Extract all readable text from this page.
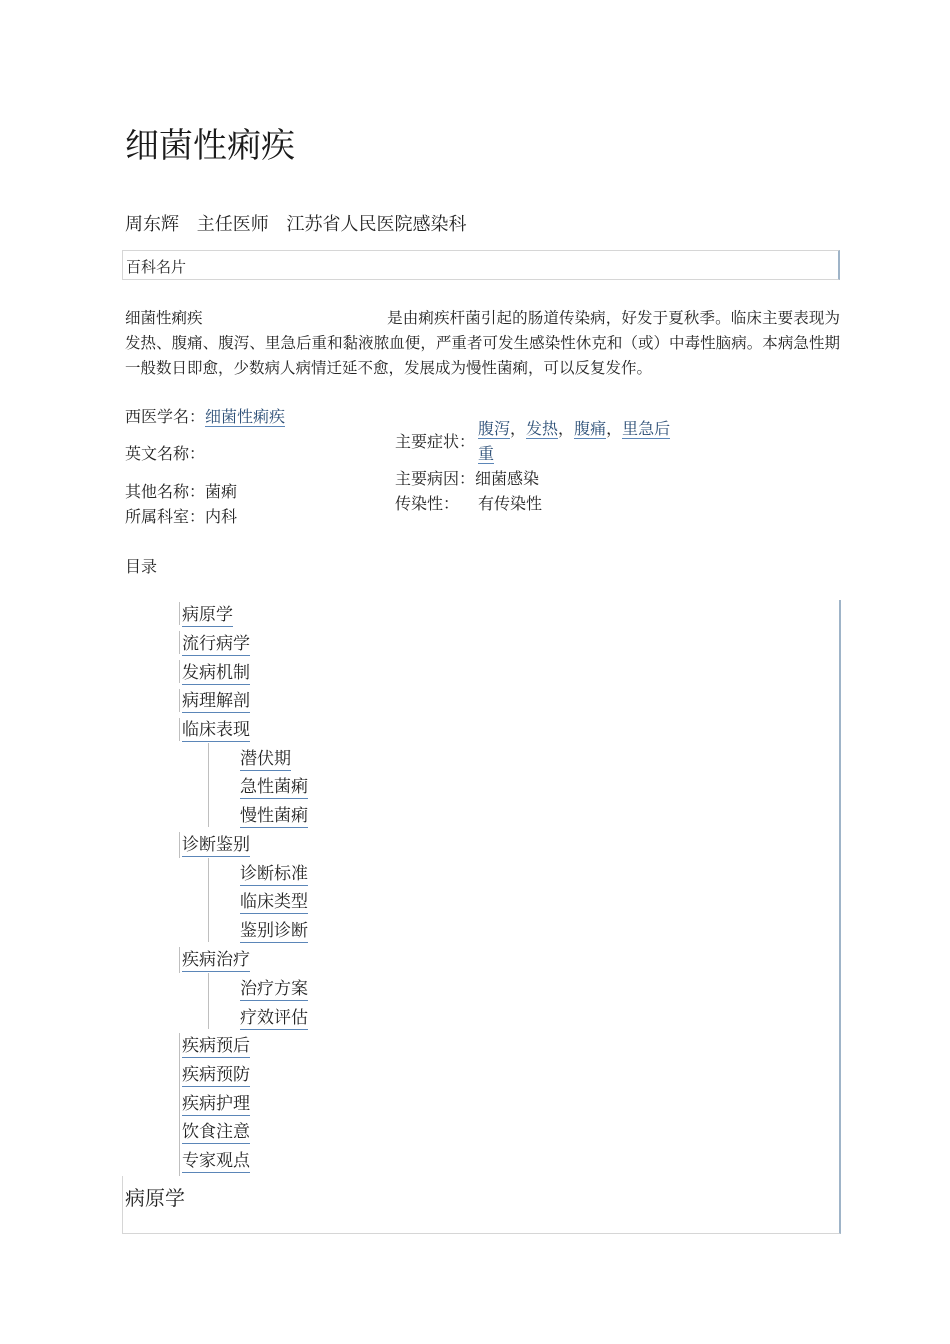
细菌性痢疾
周东辉 主任医师 江苏省人民医院感染科
百科名片
细菌性痢疾	是由痢疾杆菌引起的肠道传染病，好发于夏秋季。临床主要表现为发热、腹痛、腹泻、里急后重和黏液脓血便，严重者可发生感染性休克和（或）中毒性脑病。本病急性期一般数日即愈，少数病人病情迁延不愈，发展成为慢性菌痢，可以反复发作。
西医学名：细菌性痢疾
英文名称：
其他名称：菌痢
所属科室：内科
主要症状：
腹泻，发热，腹痛，里急后
重
主要病因：细菌感染
传染性： 有传染性
目录
病原学
流行病学
发病机制
病理解剖
临床表现
潜伏期
急性菌痢
慢性菌痢
诊断鉴别
诊断标准
临床类型
鉴别诊断
疾病治疗
治疗方案
疗效评估
疾病预后
疾病预防
疾病护理
饮食注意
专家观点
病原学
